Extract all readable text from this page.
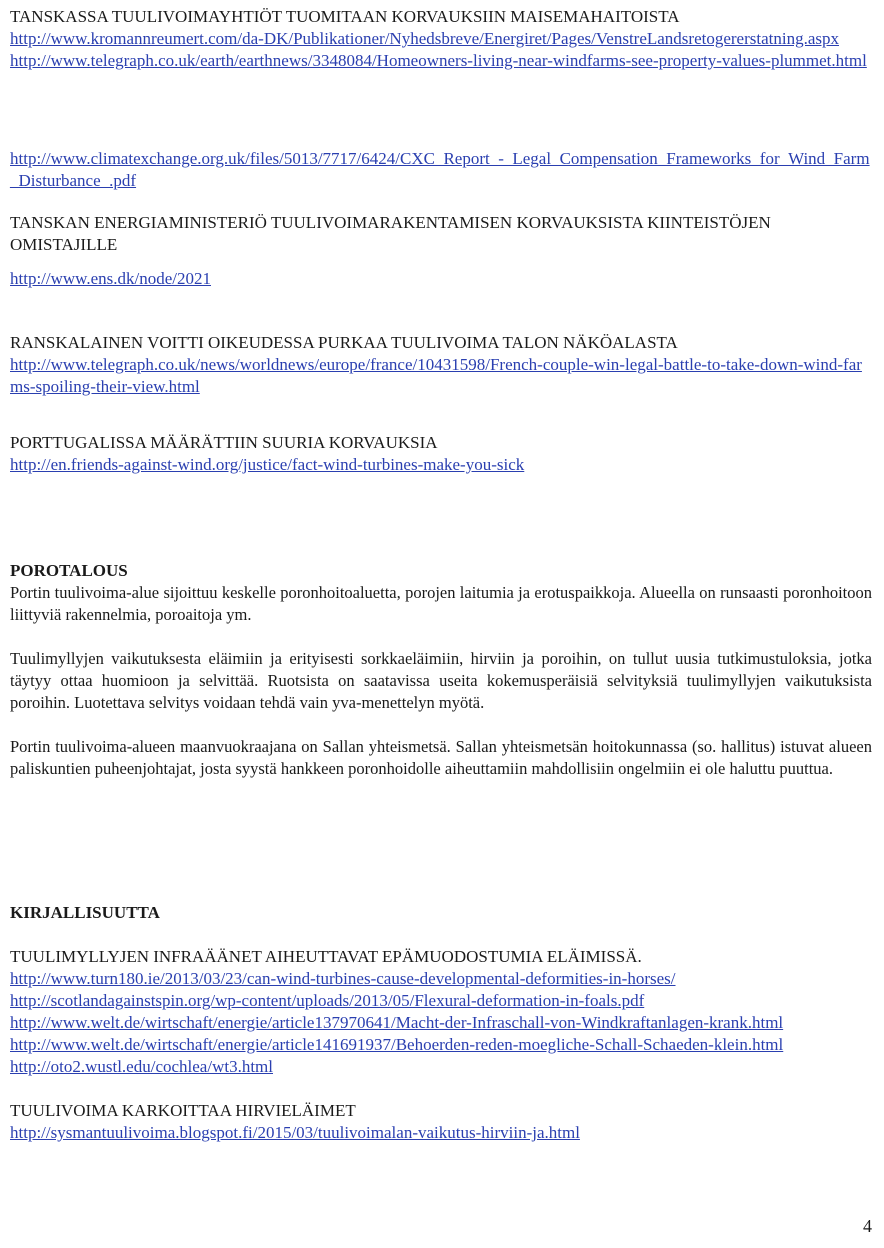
TANSKASSA TUULIVOIMAYHTIÖT TUOMITAAN KORVAUKSIIN MAISEMAHAITOISTA

http://www.kromannreumert.com/da-DK/Publikationer/Nyhedsbreve/Energiret/Pages/VenstreLandsretogererstatning.aspx
http://www.telegraph.co.uk/earth/earthnews/3348084/Homeowners-living-near-windfarms-see-property-values-plummet.html
http://www.climatexchange.org.uk/files/5013/7717/6424/CXC_Report_-_Legal_Compensation_Frameworks_for_Wind_Farm_Disturbance_.pdf

TANSKAN ENERGIAMINISTERIÖ TUULIVOIMARAKENTAMISEN KORVAUKSISTA KIINTEISTÖJEN OMISTAJILLE

http://www.ens.dk/node/2021

RANSKALAINEN VOITTI OIKEUDESSA PURKAA TUULIVOIMA TALON NÄKÖALASTA

http://www.telegraph.co.uk/news/worldnews/europe/france/10431598/French-couple-win-legal-battle-to-take-down-wind-farms-spoiling-their-view.html

PORTTUGALISSA MÄÄRÄTTIIN SUURIA KORVAUKSIA

http://en.friends-against-wind.org/justice/fact-wind-turbines-make-you-sick

POROTALOUS

Portin tuulivoima-alue sijoittuu keskelle poronhoitoaluetta, porojen laitumia ja erotuspaikkoja. Alueella on runsaasti poronhoitoon liittyviä rakennelmia, poroaitoja ym.

Tuulimyllyjen vaikutuksesta eläimiin ja erityisesti sorkkaeläimiin, hirviin ja poroihin, on tullut uusia tutkimustuloksia, jotka täytyy ottaa huomioon ja selvittää. Ruotsista on saatavissa useita kokemusperäisiä selvityksiä tuulimyllyjen vaikutuksista poroihin. Luotettava selvitys voidaan tehdä vain yva-menettelyn myötä.

Portin tuulivoima-alueen maanvuokraajana on Sallan yhteismetsä. Sallan yhteismetsän hoitokunnassa (so. hallitus) istuvat alueen paliskuntien puheenjohtajat, josta syystä hankkeen poronhoidolle aiheuttamiin mahdollisiin ongelmiin ei ole haluttu puuttua.

KIRJALLISUUTTA

TUULIMYLLYJEN INFRAÄÄNET AIHEUTTAVAT EPÄMUODOSTUMIA ELÄIMISSÄ.

http://www.turn180.ie/2013/03/23/can-wind-turbines-cause-developmental-deformities-in-horses/
http://scotlandagainstspin.org/wp-content/uploads/2013/05/Flexural-deformation-in-foals.pdf
http://www.welt.de/wirtschaft/energie/article137970641/Macht-der-Infraschall-von-Windkraftanlagen-krank.html
http://www.welt.de/wirtschaft/energie/article141691937/Behoerden-reden-moegliche-Schall-Schaeden-klein.html
http://oto2.wustl.edu/cochlea/wt3.html

TUULIVOIMA KARKOITTAA HIRVIELÄIMET

http://sysmantuulivoima.blogspot.fi/2015/03/tuulivoimalan-vaikutus-hirviin-ja.html
4
